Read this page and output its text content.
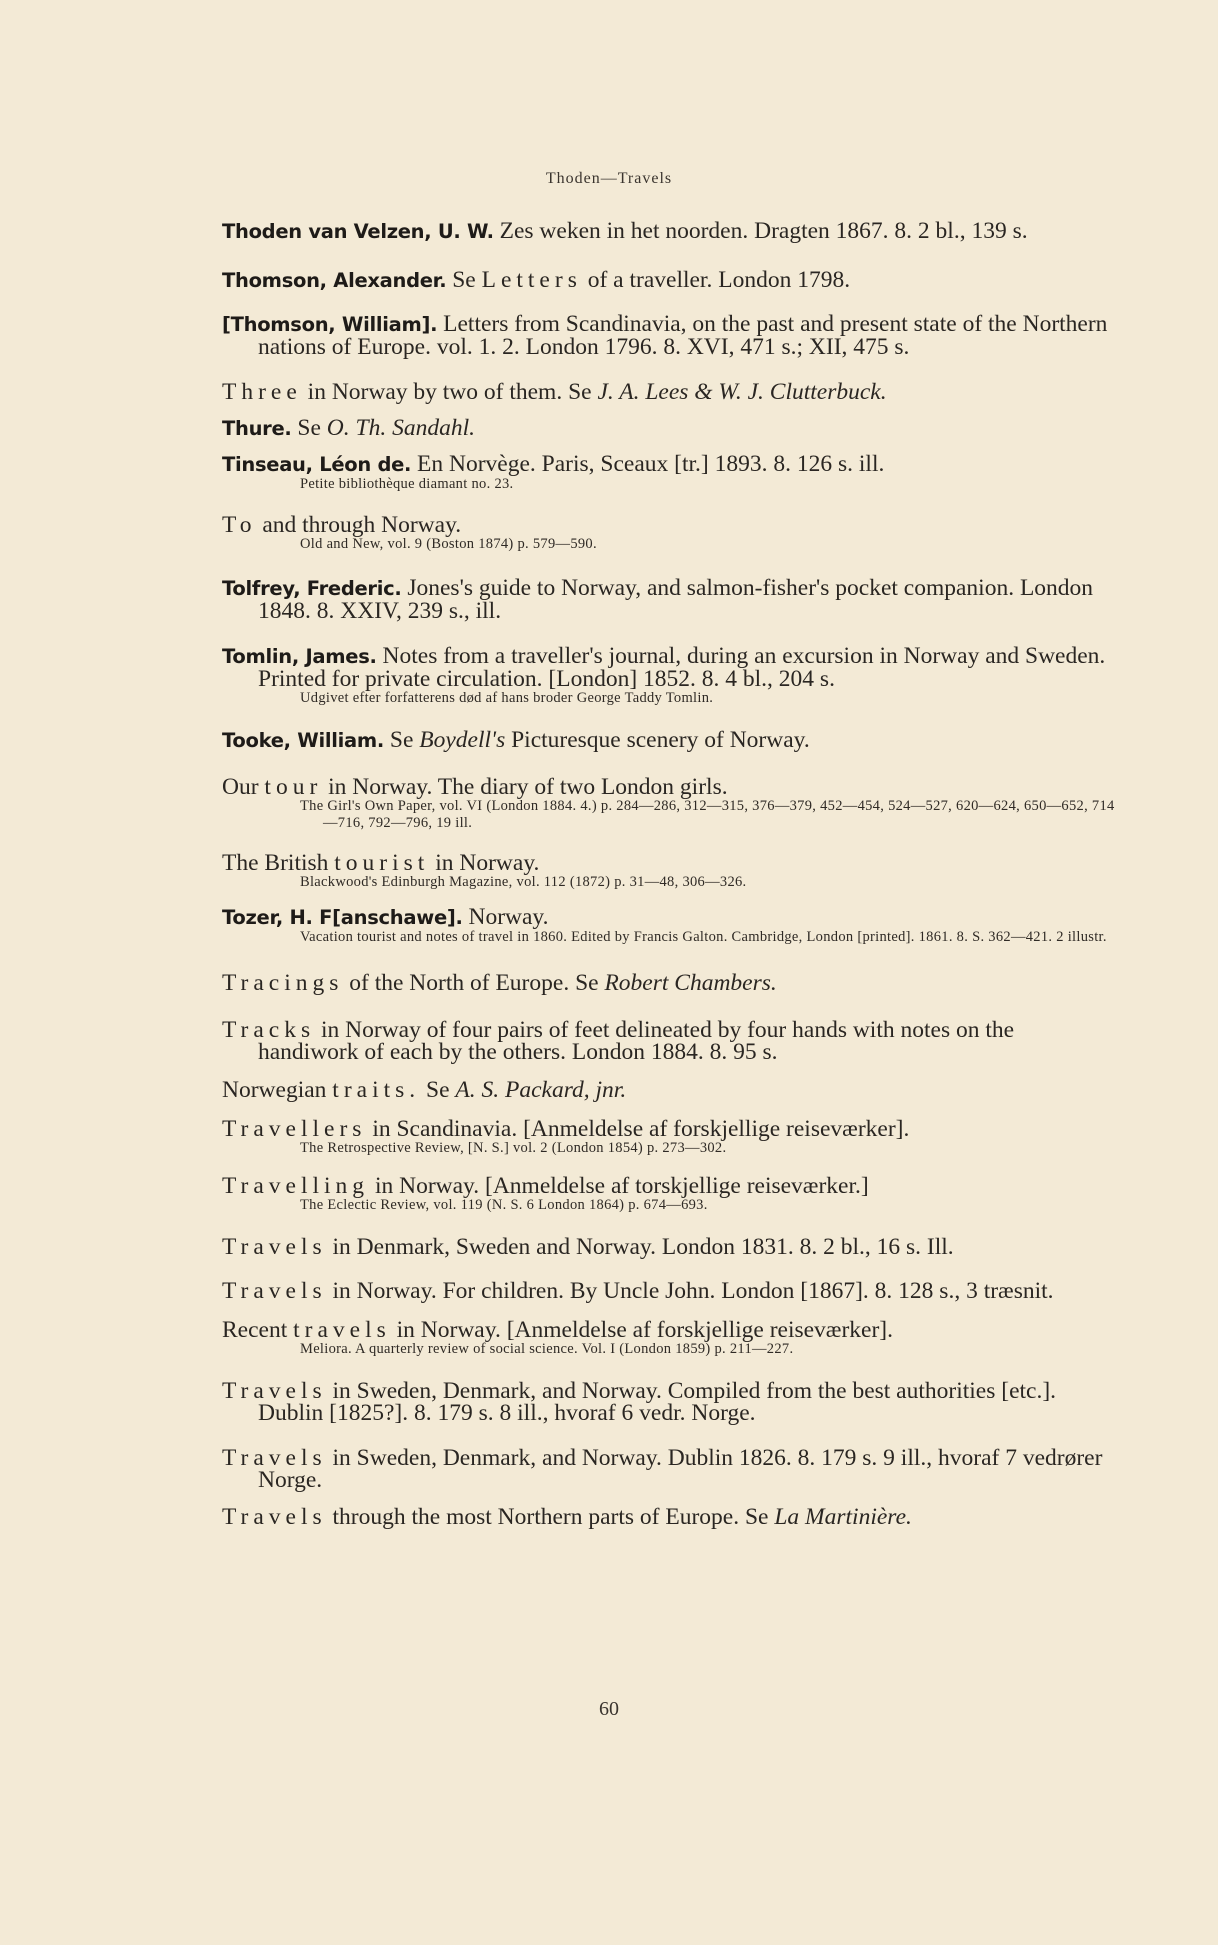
Thoden—Travels
Thoden van Velzen, U. W. Zes weken in het noorden. Dragten 1867. 8. 2 bl., 139 s.
Thomson, Alexander. Se Letters of a traveller. London 1798.
[Thomson, William]. Letters from Scandinavia, on the past and present state of the Northern nations of Europe. vol. 1. 2. London 1796. 8. XVI, 471 s.; XII, 475 s.
Three in Norway by two of them. Se J. A. Lees & W. J. Clutterbuck.
Thure. Se O. Th. Sandahl.
Tinseau, Léon de. En Norvège. Paris, Sceaux [tr.] 1893. 8. 126 s. ill.
Petite bibliothèque diamant no. 23.
To and through Norway.
Old and New, vol. 9 (Boston 1874) p. 579—590.
Tolfrey, Frederic. Jones's guide to Norway, and salmon-fisher's pocket companion. London 1848. 8. XXIV, 239 s., ill.
Tomlin, James. Notes from a traveller's journal, during an excursion in Norway and Sweden. Printed for private circulation. [London] 1852. 8. 4 bl., 204 s.
Udgivet efter forfatterens død af hans broder George Taddy Tomlin.
Tooke, William. Se Boydell's Picturesque scenery of Norway.
Our tour in Norway. The diary of two London girls.
The Girl's Own Paper, vol. VI (London 1884. 4.) p. 284—286, 312—315, 376—379, 452—454, 524—527, 620—624, 650—652, 714—716, 792—796, 19 ill.
The British tourist in Norway.
Blackwood's Edinburgh Magazine, vol. 112 (1872) p. 31—48, 306—326.
Tozer, H. F[anschawe]. Norway.
Vacation tourist and notes of travel in 1860. Edited by Francis Galton. Cambridge, London [printed]. 1861. 8. S. 362—421. 2 illustr.
Tracings of the North of Europe. Se Robert Chambers.
Tracks in Norway of four pairs of feet delineated by four hands with notes on the handiwork of each by the others. London 1884. 8. 95 s.
Norwegian traits. Se A. S. Packard, jnr.
Travellers in Scandinavia. [Anmeldelse af forskjellige reiseværker].
The Retrospective Review, [N. S.] vol. 2 (London 1854) p. 273—302.
Travelling in Norway. [Anmeldelse af torskjellige reiseværker.]
The Eclectic Review, vol. 119 (N. S. 6 London 1864) p. 674—693.
Travels in Denmark, Sweden and Norway. London 1831. 8. 2 bl., 16 s. Ill.
Travels in Norway. For children. By Uncle John. London [1867]. 8. 128 s., 3 træsnit.
Recent travels in Norway. [Anmeldelse af forskjellige reiseværker].
Meliora. A quarterly review of social science. Vol. I (London 1859) p. 211—227.
Travels in Sweden, Denmark, and Norway. Compiled from the best authorities [etc.]. Dublin [1825?]. 8. 179 s. 8 ill., hvoraf 6 vedr. Norge.
Travels in Sweden, Denmark, and Norway. Dublin 1826. 8. 179 s. 9 ill., hvoraf 7 vedrører Norge.
Travels through the most Northern parts of Europe. Se La Martinière.
60
